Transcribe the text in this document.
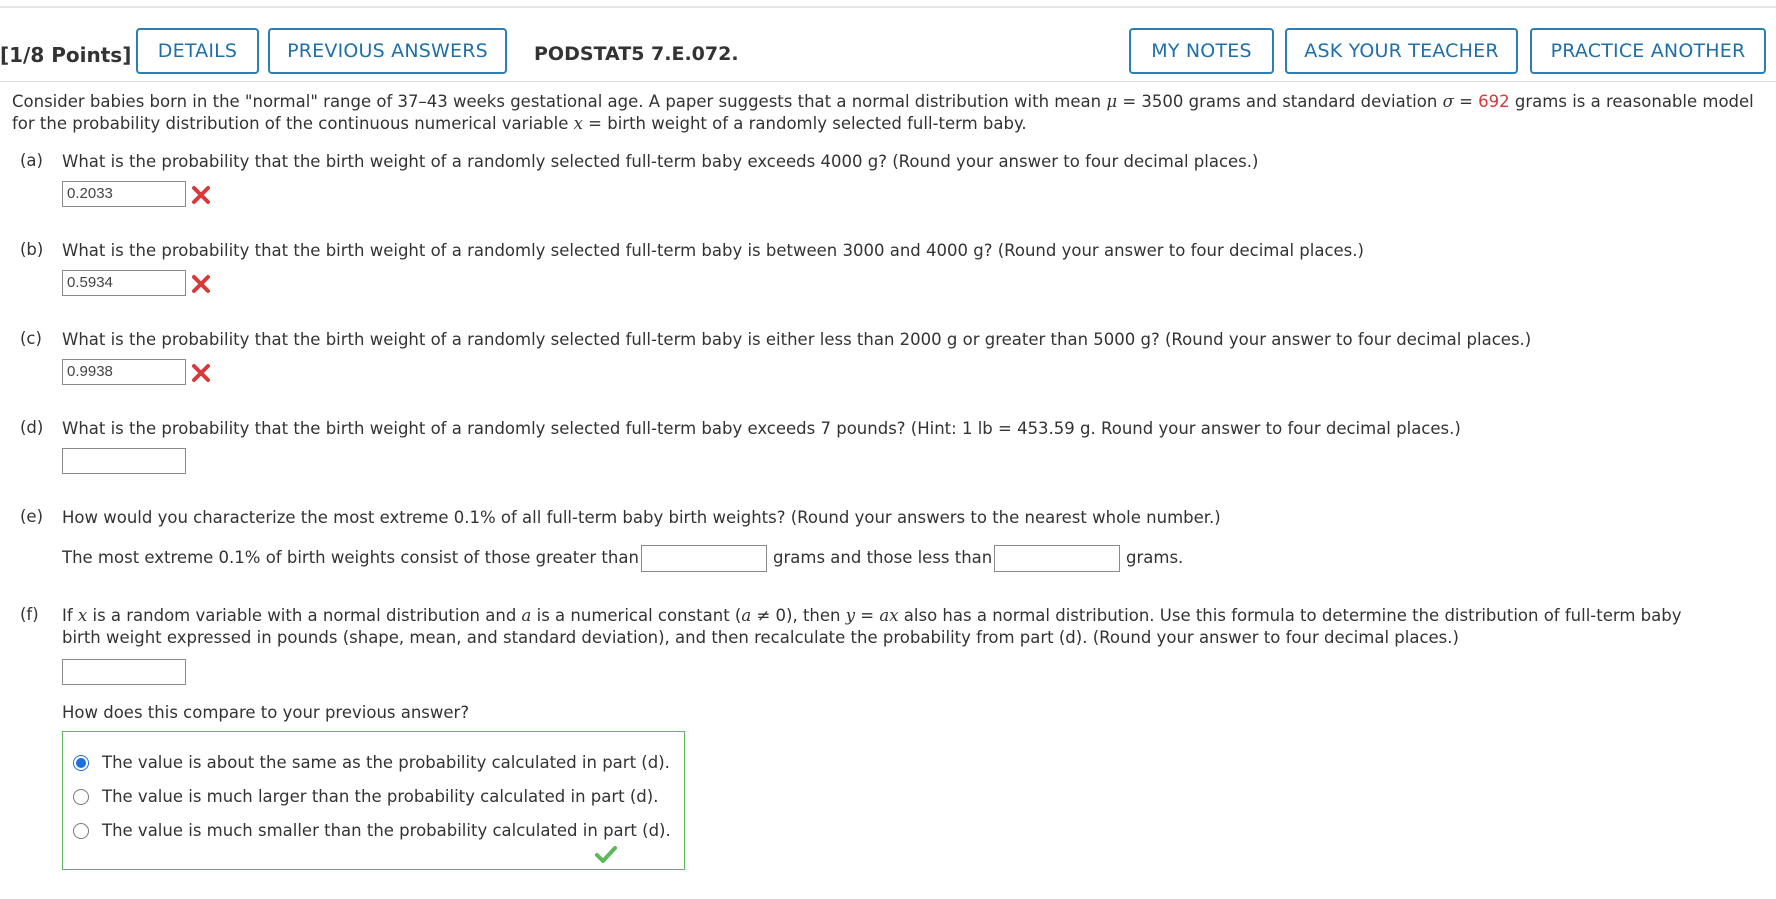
[1/8 Points]	DETAILS	PREVIOUS ANSWERS	PODSTAT5 7.E.072.	MY NOTES	ASK YOUR TEACHER	PRACTICE ANOTHER
Consider babies born in the "normal" range of 37–43 weeks gestational age. A paper suggests that a normal distribution with mean μ = 3500 grams and standard deviation σ = 692 grams is a reasonable model for the probability distribution of the continuous numerical variable x = birth weight of a randomly selected full-term baby.
(a) What is the probability that the birth weight of a randomly selected full-term baby exceeds 4000 g? (Round your answer to four decimal places.)
0.2033
(b) What is the probability that the birth weight of a randomly selected full-term baby is between 3000 and 4000 g? (Round your answer to four decimal places.)
0.5934
(c) What is the probability that the birth weight of a randomly selected full-term baby is either less than 2000 g or greater than 5000 g? (Round your answer to four decimal places.)
0.9938
(d) What is the probability that the birth weight of a randomly selected full-term baby exceeds 7 pounds? (Hint: 1 lb = 453.59 g. Round your answer to four decimal places.)
(e) How would you characterize the most extreme 0.1% of all full-term baby birth weights? (Round your answers to the nearest whole number.)
The most extreme 0.1% of birth weights consist of those greater than	grams and those less than	grams.
(f) If x is a random variable with a normal distribution and a is a numerical constant (a ≠ 0), then y = ax also has a normal distribution. Use this formula to determine the distribution of full-term baby birth weight expressed in pounds (shape, mean, and standard deviation), and then recalculate the probability from part (d). (Round your answer to four decimal places.)
How does this compare to your previous answer?
The value is about the same as the probability calculated in part (d).
The value is much larger than the probability calculated in part (d).
The value is much smaller than the probability calculated in part (d).
